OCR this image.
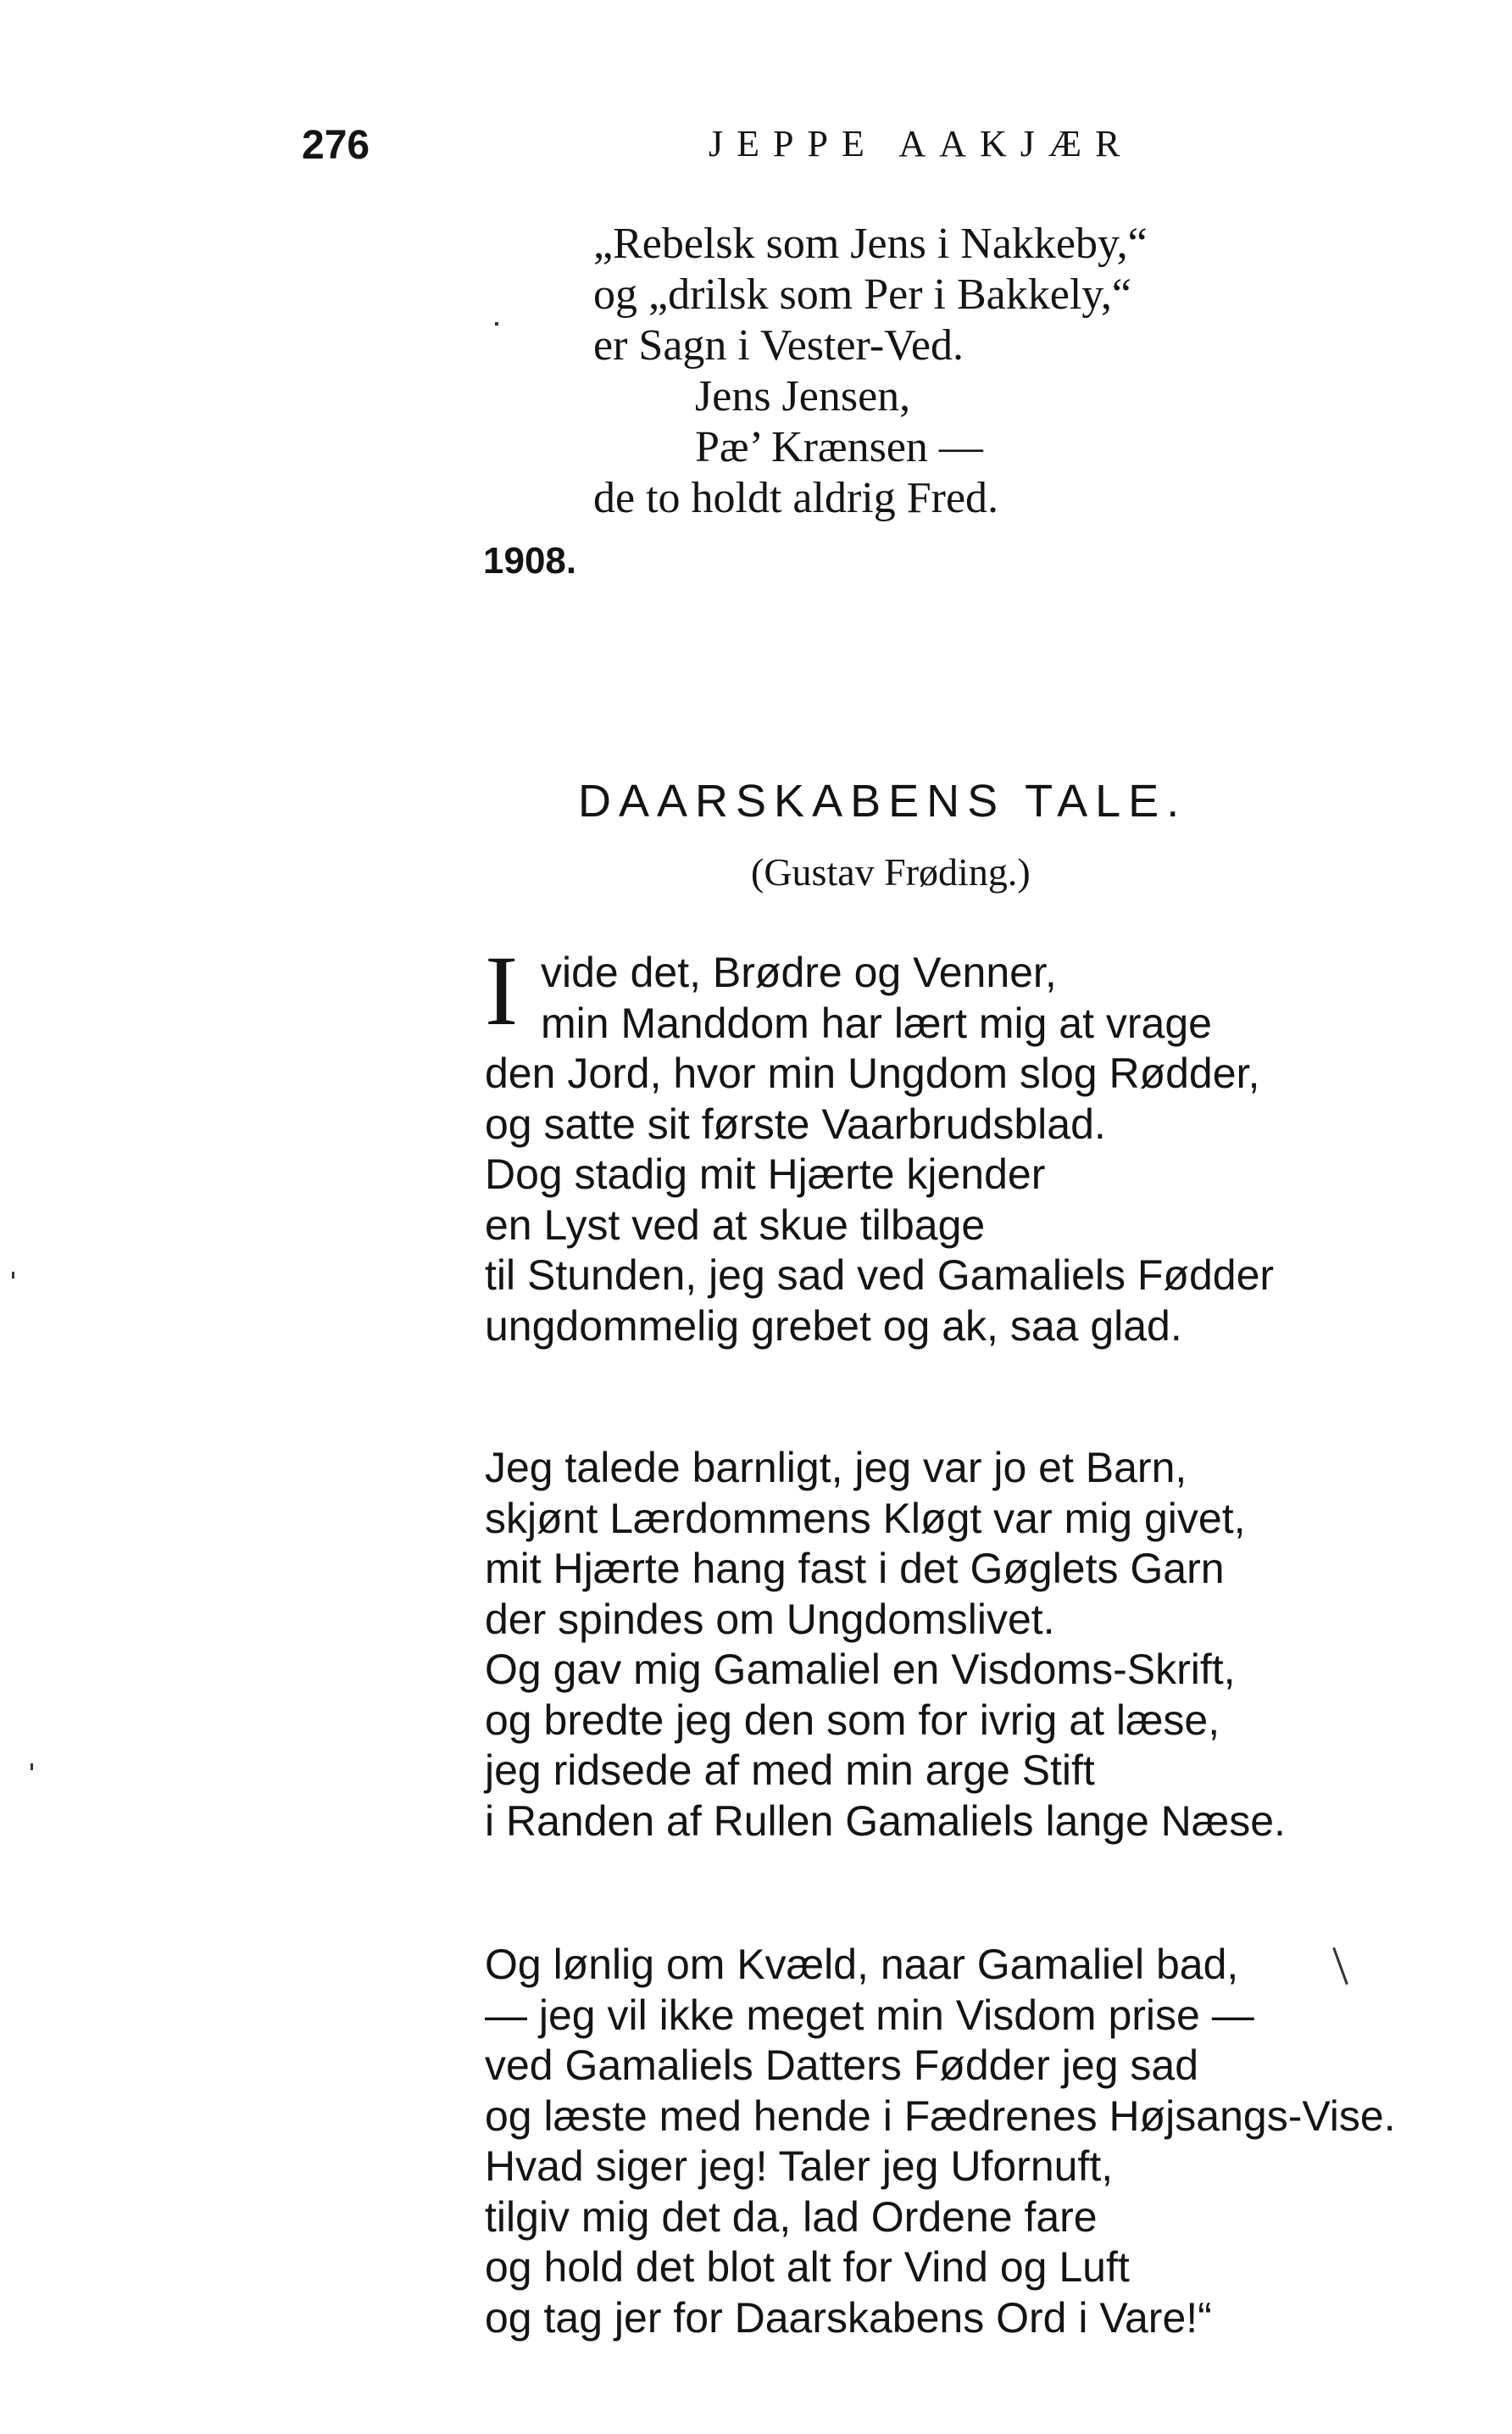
276	JEPPE AAKJÆR
„Rebelsk som Jens i Nakkeby,“
og „drilsk som Per i Bakkely,“
er Sagn i Vester-Ved.
Jens Jensen,
Pæ’ Krænsen —
de to holdt aldrig Fred.
1908.
DAARSKABENS TALE.
(Gustav Frøding.)
I vide det, Brødre og Venner,
min Manddom har lært mig at vrage
den Jord, hvor min Ungdom slog Rødder,
og satte sit første Vaarbrudsblad.
Dog stadig mit Hjærte kjender
en Lyst ved at skue tilbage
til Stunden, jeg sad ved Gamaliels Fødder
ungdommelig grebet og ak, saa glad.
Jeg talede barnligt, jeg var jo et Barn,
skjønt Lærdommens Kløgt var mig givet,
mit Hjærte hang fast i det Gøglets Garn
der spindes om Ungdomslivet.
Og gav mig Gamaliel en Visdoms-Skrift,
og bredte jeg den som for ivrig at læse,
jeg ridsede af med min arge Stift
i Randen af Rullen Gamaliels lange Næse.
Og lønlig om Kvæld, naar Gamaliel bad,
— jeg vil ikke meget min Visdom prise —
ved Gamaliels Datters Fødder jeg sad
og læste med hende i Fædrenes Højsangs-Vise.
Hvad siger jeg! Taler jeg Ufornuft,
tilgiv mig det da, lad Ordene fare
og hold det blot alt for Vind og Luft
og tag jer for Daarskabens Ord i Vare!“
